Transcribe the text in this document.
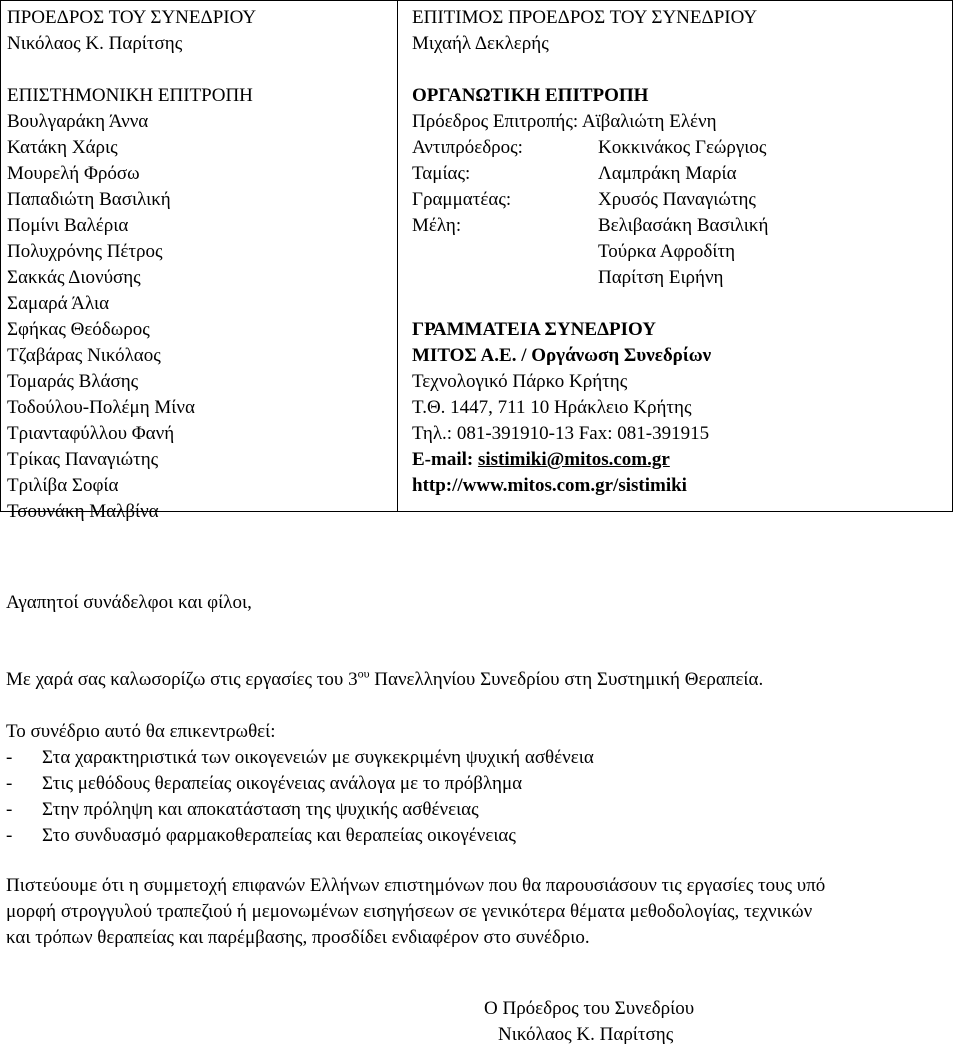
ΠΡΟΕΔΡΟΣ ΤΟΥ ΣΥΝΕΔΡΙΟΥ
Νικόλαος Κ. Παρίτσης
ΕΠΙΣΤΗΜΟΝΙΚΗ ΕΠΙΤΡΟΠΗ
Βουλγαράκη Άννα
Κατάκη Χάρις
Μουρελή Φρόσω
Παπαδιώτη Βασιλική
Πομίνι Βαλέρια
Πολυχρόνης Πέτρος
Σακκάς Διονύσης
Σαμαρά Άλια
Σφήκας Θεόδωρος
Τζαβάρας Νικόλαος
Τομαράς Βλάσης
Τοδούλου-Πολέμη Μίνα
Τριανταφύλλου Φανή
Τρίκας Παναγιώτης
Τριλίβα Σοφία
Τσουνάκη Μαλβίνα
ΕΠΙΤΙΜΟΣ ΠΡΟΕΔΡΟΣ ΤΟΥ ΣΥΝΕΔΡΙΟΥ
Μιχαήλ Δεκλερής
ΟΡΓΑΝΩΤΙΚΗ ΕΠΙΤΡΟΠΗ
Πρόεδρος Επιτροπής: Αϊβαλιώτη Ελένη
Αντιπρόεδρος:	Κοκκινάκος Γεώργιος
Ταμίας:	Λαμπράκη Μαρία
Γραμματέας:	Χρυσός Παναγιώτης
Μέλη:	Βελιβασάκη Βασιλική
Τούρκα Αφροδίτη
Παρίτση Ειρήνη
ΓΡΑΜΜΑΤΕΙΑ ΣΥΝΕΔΡΙΟΥ
ΜΙΤΟΣ Α.Ε. / Οργάνωση Συνεδρίων
Τεχνολογικό Πάρκο Κρήτης
Τ.Θ. 1447, 711 10 Ηράκλειο Κρήτης
Τηλ.: 081-391910-13 Fax: 081-391915
E-mail: sistimiki@mitos.com.gr
http://www.mitos.com.gr/sistimiki
Αγαπητοί συνάδελφοι και φίλοι,
Με χαρά σας καλωσορίζω στις εργασίες του $3^{o\upsilon}$ Πανελληνίου Συνεδρίου στη Συστημική Θεραπεία.
Το συνέδριο αυτό θα επικεντρωθεί:
-	Στα χαρακτηριστικά των οικογενειών με συγκεκριμένη ψυχική ασθένεια
-	Στις μεθόδους θεραπείας οικογένειας ανάλογα με το πρόβλημα
-	Στην πρόληψη και αποκατάσταση της ψυχικής ασθένειας
-	Στο συνδυασμό φαρμακοθεραπείας και θεραπείας οικογένειας
Πιστεύουμε ότι η συμμετοχή επιφανών Ελλήνων επιστημόνων που θα παρουσιάσουν τις εργασίες τους υπό
μορφή στρογγυλού τραπεζιού ή μεμονωμένων εισηγήσεων σε γενικότερα θέματα μεθοδολογίας, τεχνικών
και τρόπων θεραπείας και παρέμβασης, προσδίδει ενδιαφέρον στο συνέδριο.
Ο Πρόεδρος του Συνεδρίου
Νικόλαος Κ. Παρίτσης
